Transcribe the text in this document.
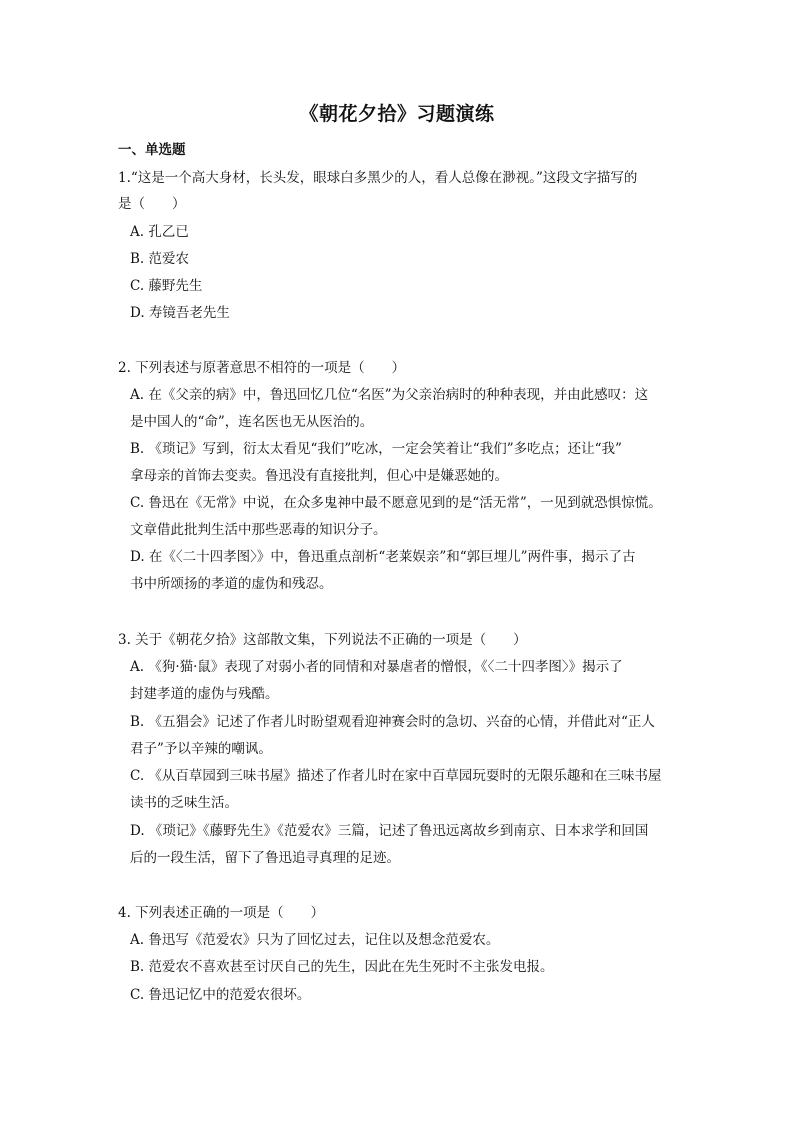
《朝花夕拾》习题演练
一、单选题
1.“这是一个高大身材，长头发，眼球白多黑少的人，看人总像在渺视。”这段文字描写的
是（　　）
A. 孔乙已
B. 范爱农
C. 藤野先生
D. 寿镜吾老先生
2. 下列表述与原著意思不相符的一项是（　　）
A. 在《父亲的病》中，鲁迅回忆几位“名医”为父亲治病时的种种表现，并由此感叹：这
是中国人的“命”，连名医也无从医治的。
B. 《琐记》写到，衍太太看见“我们”吃冰，一定会笑着让“我们”多吃点；还让“我”
拿母亲的首饰去变卖。鲁迅没有直接批判，但心中是嫌恶她的。
C. 鲁迅在《无常》中说，在众多鬼神中最不愿意见到的是“活无常”，一见到就恐惧惊慌。
文章借此批判生活中那些恶毒的知识分子。
D. 在《〈二十四孝图〉》中，鲁迅重点剖析“老莱娱亲”和“郭巨埋儿”两件事，揭示了古
书中所颂扬的孝道的虚伪和残忍。
3. 关于《朝花夕拾》这部散文集，下列说法不正确的一项是（　　）
A. 《狗·猫·鼠》表现了对弱小者的同情和对暴虐者的憎恨，《〈二十四孝图〉》揭示了
封建孝道的虚伪与残酷。
B. 《五猖会》记述了作者儿时盼望观看迎神赛会时的急切、兴奋的心情，并借此对“正人
君子”予以辛辣的嘲讽。
C. 《从百草园到三味书屋》描述了作者儿时在家中百草园玩耍时的无限乐趣和在三味书屋
读书的乏味生活。
D. 《琐记》《藤野先生》《范爱农》三篇，记述了鲁迅远离故乡到南京、日本求学和回国
后的一段生活，留下了鲁迅追寻真理的足迹。
4. 下列表述正确的一项是（　　）
A. 鲁迅写《范爱农》只为了回忆过去，记住以及想念范爱农。
B. 范爱农不喜欢甚至讨厌自己的先生，因此在先生死时不主张发电报。
C. 鲁迅记忆中的范爱农很坏。
